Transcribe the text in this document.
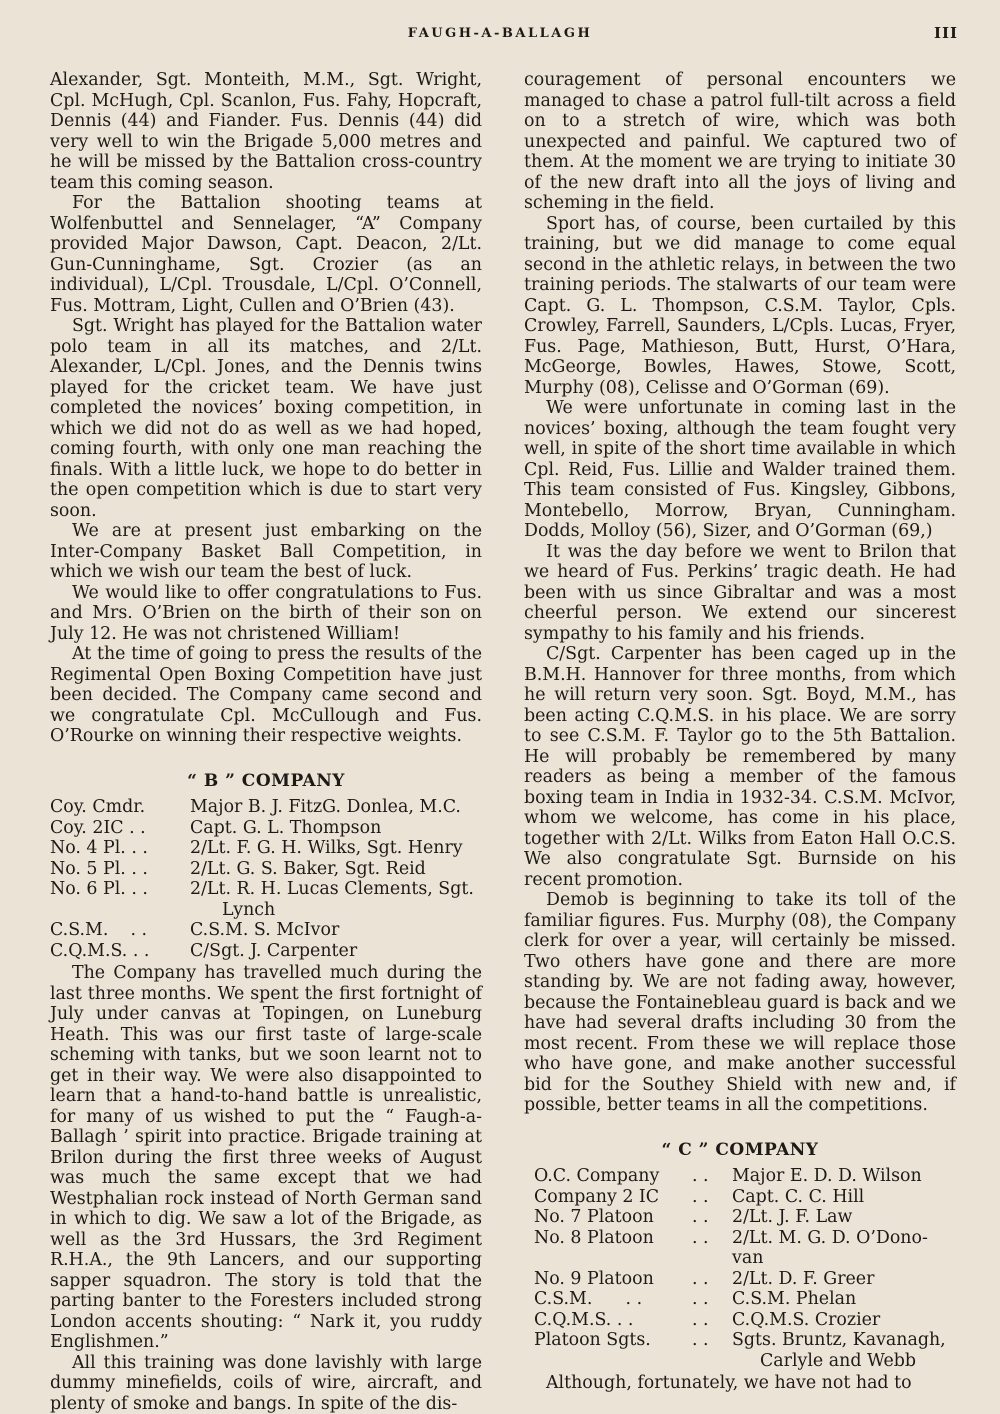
FAUGH-A-BALLAGH	III

Alexander, Sgt. Monteith, M.M., Sgt. Wright, Cpl. McHugh, Cpl. Scanlon, Fus. Fahy, Hopcraft, Dennis (44) and Fiander. Fus. Dennis (44) did very well to win the Brigade 5,000 metres and he will be missed by the Battalion cross-country team this coming season.

For the Battalion shooting teams at Wolfenbuttel and Sennelager, “A” Company provided Major Dawson, Capt. Deacon, 2/Lt. Gun-Cunninghame, Sgt. Crozier (as an individual), L/Cpl. Trousdale, L/Cpl. O’Connell, Fus. Mottram, Light, Cullen and O’Brien (43).

Sgt. Wright has played for the Battalion water polo team in all its matches, and 2/Lt. Alexander, L/Cpl. Jones, and the Dennis twins played for the cricket team. We have just completed the novices’ boxing competition, in which we did not do as well as we had hoped, coming fourth, with only one man reaching the finals. With a little luck, we hope to do better in the open competition which is due to start very soon.

We are at present just embarking on the Inter-Company Basket Ball Competition, in which we wish our team the best of luck.

We would like to offer congratulations to Fus. and Mrs. O’Brien on the birth of their son on July 12. He was not christened William!

At the time of going to press the results of the Regimental Open Boxing Competition have just been decided. The Company came second and we congratulate Cpl. McCullough and Fus. O’Rourke on winning their respective weights.

“ B ” COMPANY
Coy. Cmdr.	Major B. J. FitzG. Donlea, M.C.
Coy. 2IC . .	Capt. G. L. Thompson
No. 4 Pl. . .	2/Lt. F. G. H. Wilks, Sgt. Henry
No. 5 Pl. . .	2/Lt. G. S. Baker, Sgt. Reid
No. 6 Pl. . .	2/Lt. R. H. Lucas Clements, Sgt.
Lynch
C.S.M.    . .	C.S.M. S. McIvor
C.Q.M.S. . .	C/Sgt. J. Carpenter

The Company has travelled much during the last three months. We spent the first fortnight of July under canvas at Topingen, on Luneburg Heath. This was our first taste of large-scale scheming with tanks, but we soon learnt not to get in their way. We were also disappointed to learn that a hand-to-hand battle is unrealistic, for many of us wished to put the “ Faugh-a-Ballagh ’ spirit into practice. Brigade training at Brilon during the first three weeks of August was much the same except that we had Westphalian rock instead of North German sand in which to dig. We saw a lot of the Brigade, as well as the 3rd Hussars, the 3rd Regiment R.H.A., the 9th Lancers, and our supporting sapper squadron. The story is told that the parting banter to the Foresters included strong London accents shouting: “ Nark it, you ruddy Englishmen.”

All this training was done lavishly with large dummy minefields, coils of wire, aircraft, and plenty of smoke and bangs. In spite of the dis-

couragement of personal encounters we managed to chase a patrol full-tilt across a field on to a stretch of wire, which was both unexpected and painful. We captured two of them. At the moment we are trying to initiate 30 of the new draft into all the joys of living and scheming in the field.

Sport has, of course, been curtailed by this training, but we did manage to come equal second in the athletic relays, in between the two training periods. The stalwarts of our team were Capt. G. L. Thompson, C.S.M. Taylor, Cpls. Crowley, Farrell, Saunders, L/Cpls. Lucas, Fryer, Fus. Page, Mathieson, Butt, Hurst, O’Hara, McGeorge, Bowles, Hawes, Stowe, Scott, Murphy (08), Celisse and O’Gorman (69).

We were unfortunate in coming last in the novices’ boxing, although the team fought very well, in spite of the short time available in which Cpl. Reid, Fus. Lillie and Walder trained them. This team consisted of Fus. Kingsley, Gibbons, Montebello, Morrow, Bryan, Cunningham. Dodds, Molloy (56), Sizer, and O’Gorman (69,)

It was the day before we went to Brilon that we heard of Fus. Perkins’ tragic death. He had been with us since Gibraltar and was a most cheerful person. We extend our sincerest sympathy to his family and his friends.

C/Sgt. Carpenter has been caged up in the B.M.H. Hannover for three months, from which he will return very soon. Sgt. Boyd, M.M., has been acting C.Q.M.S. in his place. We are sorry to see C.S.M. F. Taylor go to the 5th Battalion. He will probably be remembered by many readers as being a member of the famous boxing team in India in 1932-34. C.S.M. McIvor, whom we welcome, has come in his place, together with 2/Lt. Wilks from Eaton Hall O.C.S. We also congratulate Sgt. Burnside on his recent promotion.

Demob is beginning to take its toll of the familiar figures. Fus. Murphy (08), the Company clerk for over a year, will certainly be missed. Two others have gone and there are more standing by. We are not fading away, however, because the Fontainebleau guard is back and we have had several drafts including 30 from the most recent. From these we will replace those who have gone, and make another successful bid for the Southey Shield with new and, if possible, better teams in all the competitions.

“ C ” COMPANY
O.C. Company	. .	Major E. D. D. Wilson
Company 2 IC	. .	Capt. C. C. Hill
No. 7 Platoon	. .	2/Lt. J. F. Law
No. 8 Platoon	. .	2/Lt. M. G. D. O’Dono-
van
No. 9 Platoon	. .	2/Lt. D. F. Greer
C.S.M.      . .	. .	C.S.M. Phelan
C.Q.M.S. . .	. .	C.Q.M.S. Crozier
Platoon Sgts.	. .	Sgts. Bruntz, Kavanagh,
Carlyle and Webb

Although, fortunately, we have not had to
